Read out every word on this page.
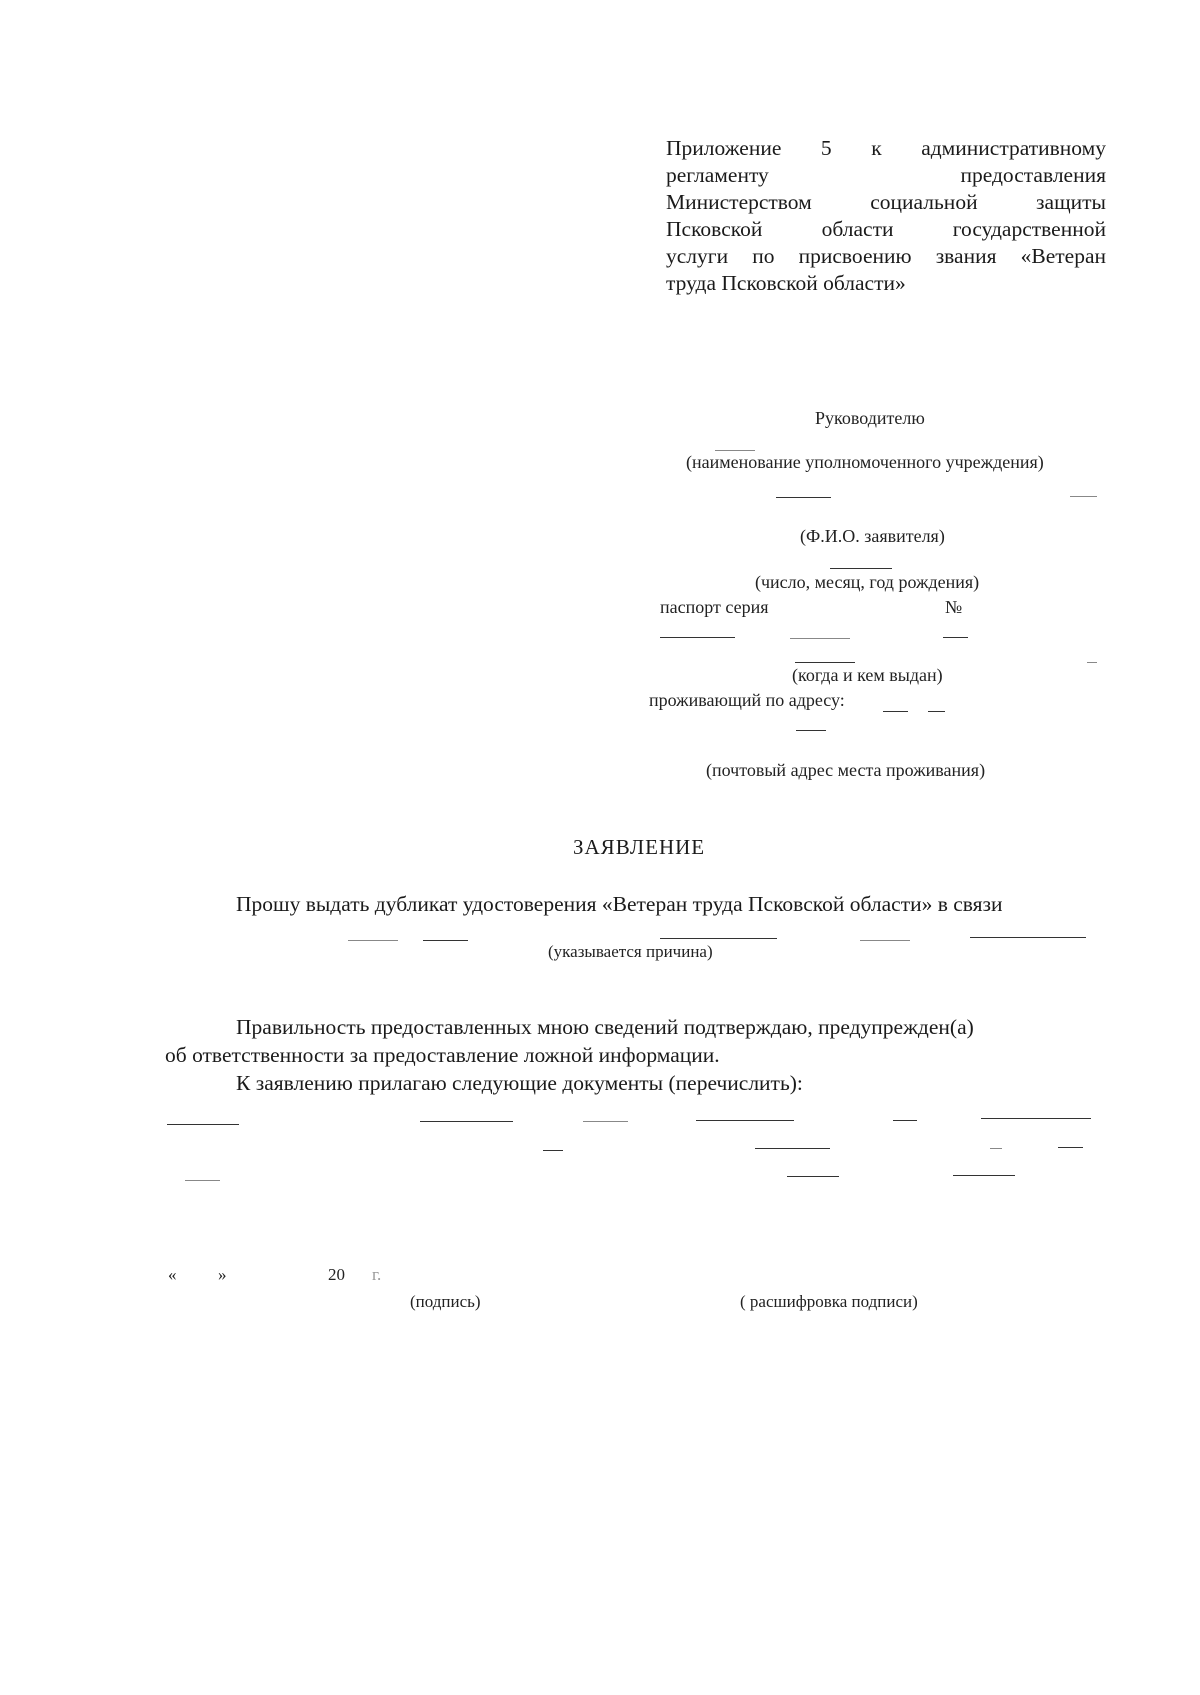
Приложение 5 к административному
регламенту предоставления
Министерством социальной защиты
Псковской области государственной
услуги по присвоению звания «Ветеран
труда Псковской области»
Руководителю
(наименование уполномоченного учреждения)
(Ф.И.О. заявителя)
(число, месяц, год рождения)
паспорт серия	№
(когда и кем выдан)
проживающий по адресу:
(почтовый адрес места проживания)
ЗАЯВЛЕНИЕ
Прошу выдать дубликат удостоверения «Ветеран труда Псковской области» в связи
(указывается причина)
Правильность предоставленных мною сведений подтверждаю, предупрежден(а)
об ответственности за предоставление ложной информации.
К заявлению прилагаю следующие документы (перечислить):
« »	20 г.
(подпись)	( расшифровка подписи)
